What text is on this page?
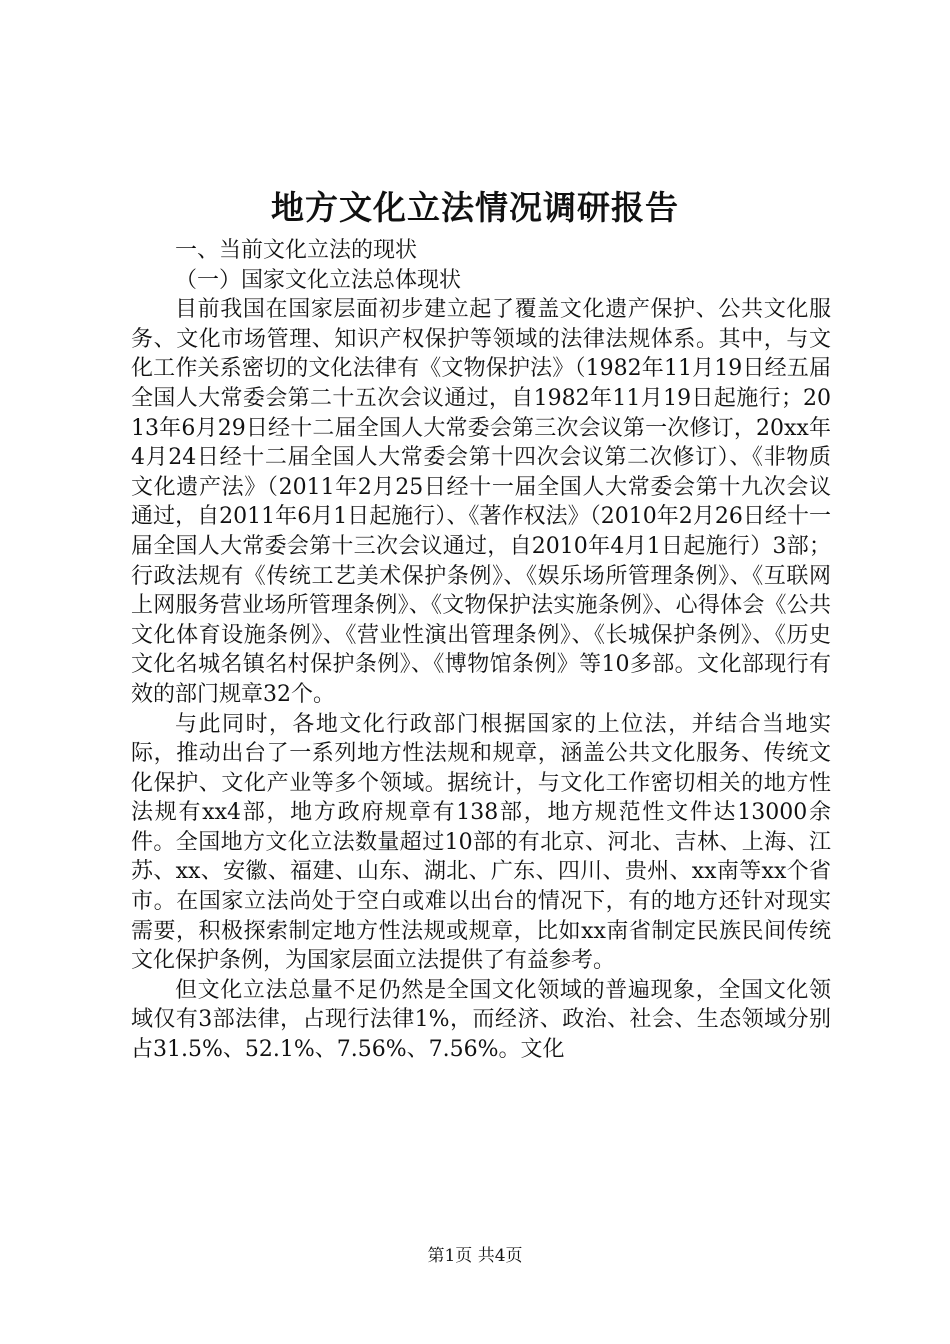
地方文化立法情况调研报告

一、当前文化立法的现状

（一）国家文化立法总体现状

目前我国在国家层面初步建立起了覆盖文化遗产保护、公共文化服务、文化市场管理、知识产权保护等领域的法律法规体系。其中，与文化工作关系密切的文化法律有《文物保护法》（1982年11月19日经五届全国人大常委会第二十五次会议通过，自1982年11月19日起施行；2013年6月29日经十二届全国人大常委会第三次会议第一次修订，20xx年4月24日经十二届全国人大常委会第十四次会议第二次修订）、《非物质文化遗产法》（2011年2月25日经十一届全国人大常委会第十九次会议通过，自2011年6月1日起施行）、《著作权法》（2010年2月26日经十一届全国人大常委会第十三次会议通过，自2010年4月1日起施行）3部；行政法规有《传统工艺美术保护条例》、《娱乐场所管理条例》、《互联网上网服务营业场所管理条例》、《文物保护法实施条例》、心得体会《公共文化体育设施条例》、《营业性演出管理条例》、《长城保护条例》、《历史文化名城名镇名村保护条例》、《博物馆条例》等10多部。文化部现行有效的部门规章32个。

与此同时，各地文化行政部门根据国家的上位法，并结合当地实际，推动出台了一系列地方性法规和规章，涵盖公共文化服务、传统文化保护、文化产业等多个领域。据统计，与文化工作密切相关的地方性法规有xx4部，地方政府规章有138部，地方规范性文件达13000余件。全国地方文化立法数量超过10部的有北京、河北、吉林、上海、江苏、xx、安徽、福建、山东、湖北、广东、四川、贵州、xx南等xx个省市。在国家立法尚处于空白或难以出台的情况下，有的地方还针对现实需要，积极探索制定地方性法规或规章，比如xx南省制定民族民间传统文化保护条例，为国家层面立法提供了有益参考。

但文化立法总量不足仍然是全国文化领域的普遍现象，全国文化领域仅有3部法律，占现行法律1%，而经济、政治、社会、生态领域分别占31.5%、52.1%、7.56%、7.56%。文化

第1页 共4页
